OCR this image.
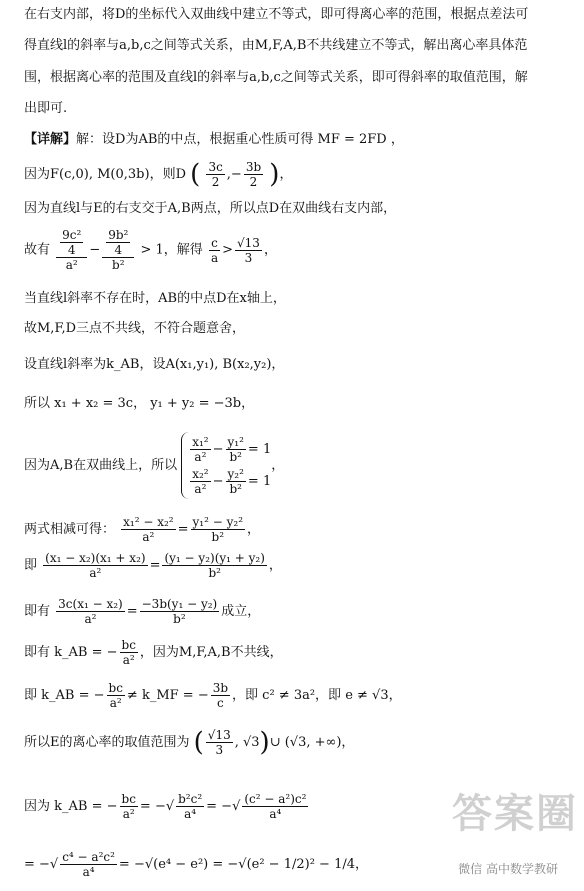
在右支内部，将D的坐标代入双曲线中建立不等式，即可得离心率的范围，根据点差法可
得直线l的斜率与a,b,c之间等式关系，由M,F,A,B不共线建立不等式，解出离心率具体范
围，根据离心率的范围及直线l的斜率与a,b,c之间等式关系，即可得斜率的取值范围，解
出即可.
【详解】解：设D为AB的中点，根据重心性质可得 MF = 2FD ，
因为F(c,0), M(0,3b)，则D ( $\frac{3c}{2}$ ,− $\frac{3b}{2}$ )，
因为直线l与E的右支交于A,B两点，所以点D在双曲线右支内部，
故有 $\frac{\frac{\text{9c²}}{4}}{\text{a²}} - \frac{\frac{\text{9b²}}{4}}{\text{b²}} > 1$，解得 $\frac{c}{a} > \frac{√13}{3}$ ，
当直线l斜率不存在时，AB的中点D在x轴上，
故M,F,D三点不共线，不符合题意舍，
设直线l斜率为k_AB，设A(x₁,y₁), B(x₂,y₂)，
所以 x₁ + x₂ = 3c， y₁ + y₂ = −3b，
因为A,B在双曲线上，所以
$\frac{\text{x₁²}}{\text{a²}} - \frac{\text{y₁²}}{\text{b²}} = 1$
$\frac{\text{x₂²}}{\text{a²}} - \frac{\text{y₂²}}{\text{b²}} = 1$
，
两式相减可得： $\frac{\text{x₁² − x₂²}}{\text{a²}} = \frac{\text{y₁² − y₂²}}{\text{b²}}$ ，
即 $\frac{\text{(x₁ − x₂)(x₁ + x₂)}}{\text{a²}} = \frac{\text{(y₁ − y₂)(y₁ + y₂)}}{\text{b²}}$ ，
即有 $\frac{\text{3c(x₁ − x₂)}}{\text{a²}} = \frac{\text{−3b(y₁ − y₂)}}{\text{b²}}$ 成立，
即有 k_AB = − $\frac{bc}{\text{a²}}$ ，因为M,F,A,B不共线，
即 k_AB = − $\frac{bc}{\text{a²}}$ ≠ k_MF = − $\frac{3b}{c}$ ，即 c² ≠ 3a²，即 e ≠ √3，
所以E的离心率的取值范围为 ( $\frac{√13}{3}$ , √3)∪ (√3, +∞)，
因为 k_AB = − $\frac{bc}{\text{a²}}$ = −√ $\frac{\text{b²c²}}{\text{a⁴}}$ = −√ $\frac{\text{(c² − a²)c²}}{\text{a⁴}}$
= −√ $\frac{\text{c⁴ − a²c²}}{\text{a⁴}} = -√(e^4 - e^2) = -√(e^2 - 1/2)^2 - 1/4$，
答案圈
微信 高中数学教研
